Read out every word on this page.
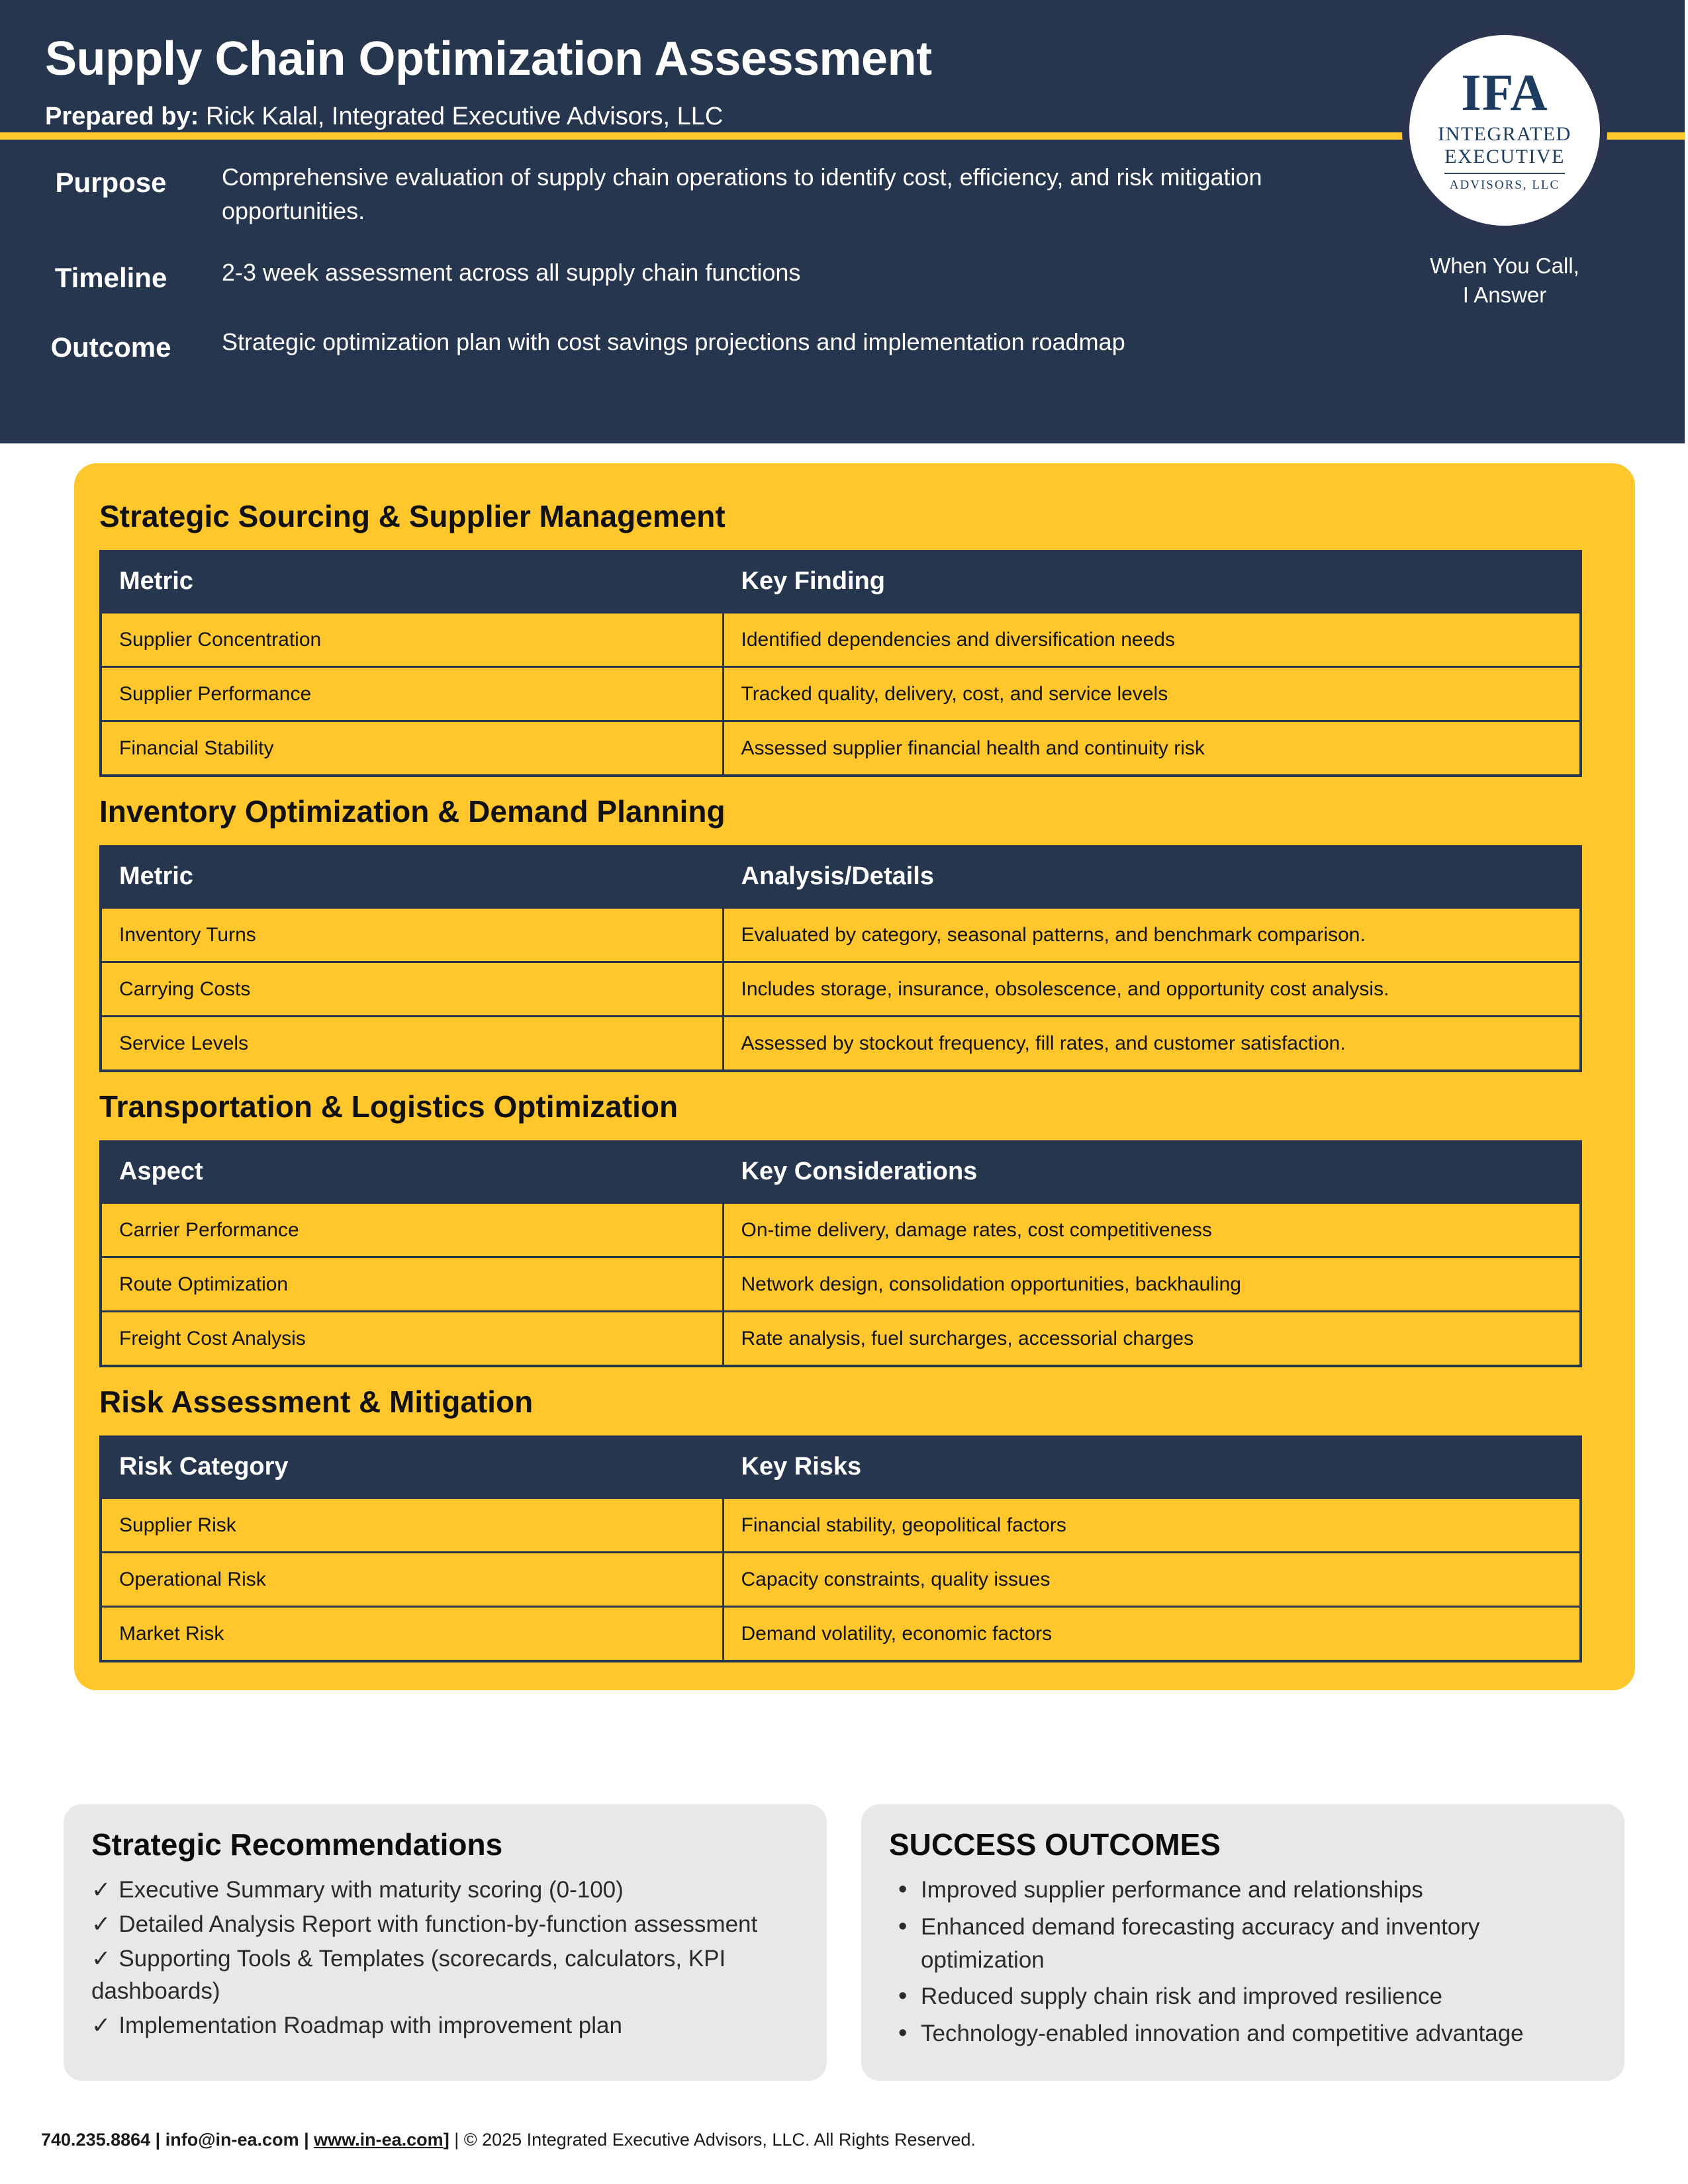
Supply Chain Optimization Assessment
Prepared by: Rick Kalal, Integrated Executive Advisors, LLC
Purpose	Comprehensive evaluation of supply chain operations to identify cost, efficiency, and risk mitigation opportunities.
Timeline	2-3 week assessment across all supply chain functions
Outcome	Strategic optimization plan with cost savings projections and implementation roadmap
IFA
INTEGRATED
EXECUTIVE
ADVISORS, LLC
When You Call, I Answer
Strategic Sourcing & Supplier Management
Metric	Key Finding
Supplier Concentration	Identified dependencies and diversification needs
Supplier Performance	Tracked quality, delivery, cost, and service levels
Financial Stability	Assessed supplier financial health and continuity risk
Inventory Optimization & Demand Planning
Metric	Analysis/Details
Inventory Turns	Evaluated by category, seasonal patterns, and benchmark comparison.
Carrying Costs	Includes storage, insurance, obsolescence, and opportunity cost analysis.
Service Levels	Assessed by stockout frequency, fill rates, and customer satisfaction.
Transportation & Logistics Optimization
Aspect	Key Considerations
Carrier Performance	On-time delivery, damage rates, cost competitiveness
Route Optimization	Network design, consolidation opportunities, backhauling
Freight Cost Analysis	Rate analysis, fuel surcharges, accessorial charges
Risk Assessment & Mitigation
Risk Category	Key Risks
Supplier Risk	Financial stability, geopolitical factors
Operational Risk	Capacity constraints, quality issues
Market Risk	Demand volatility, economic factors
Strategic Recommendations
✓ Executive Summary with maturity scoring (0-100)
✓ Detailed Analysis Report with function-by-function assessment
✓ Supporting Tools & Templates (scorecards, calculators, KPI dashboards)
✓ Implementation Roadmap with improvement plan
SUCCESS OUTCOMES
• Improved supplier performance and relationships
• Enhanced demand forecasting accuracy and inventory optimization
• Reduced supply chain risk and improved resilience
• Technology-enabled innovation and competitive advantage
740.235.8864 | info@in-ea.com | www.in-ea.com] | © 2025 Integrated Executive Advisors, LLC. All Rights Reserved.
